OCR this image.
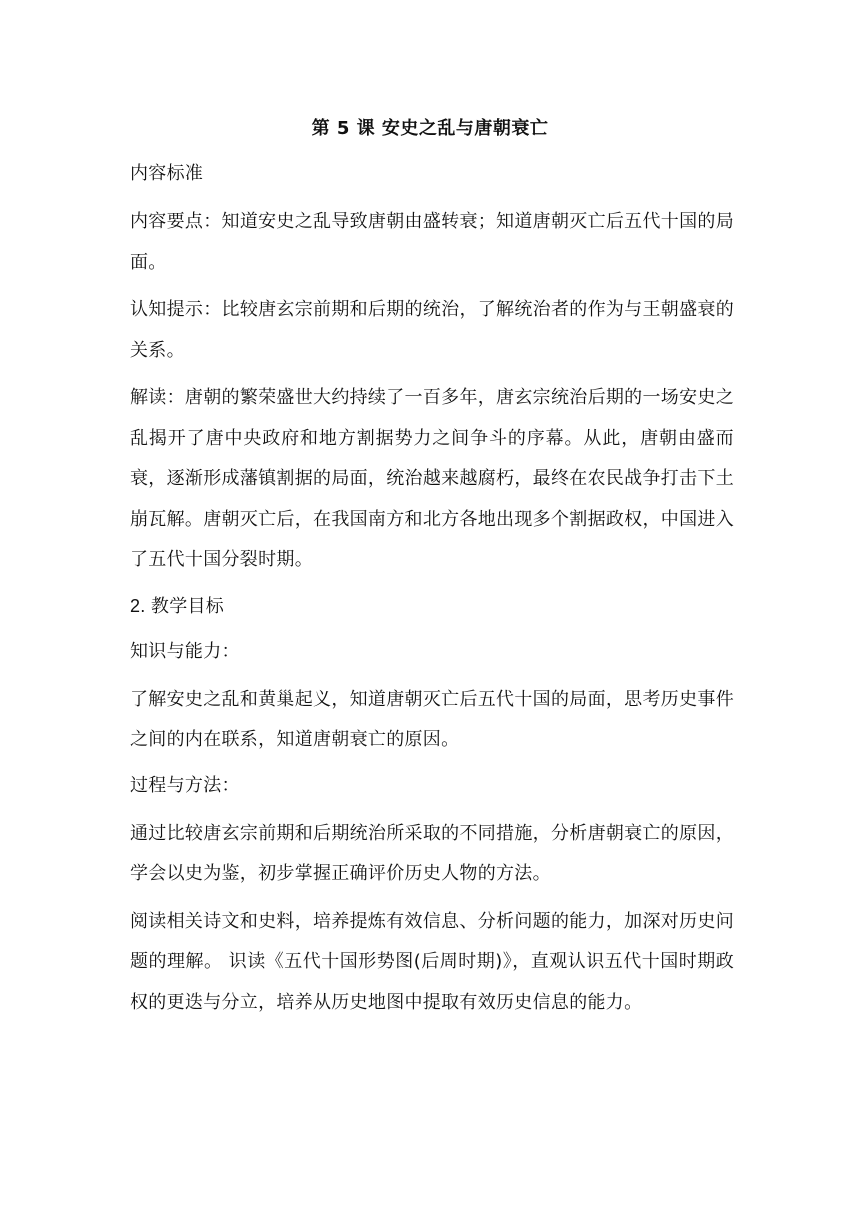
第 5 课 安史之乱与唐朝衰亡

内容标准

内容要点：知道安史之乱导致唐朝由盛转衰；知道唐朝灭亡后五代十国的局面。

认知提示：比较唐玄宗前期和后期的统治，了解统治者的作为与王朝盛衰的关系。

解读：唐朝的繁荣盛世大约持续了一百多年，唐玄宗统治后期的一场安史之乱揭开了唐中央政府和地方割据势力之间争斗的序幕。从此，唐朝由盛而衰，逐渐形成藩镇割据的局面，统治越来越腐朽，最终在农民战争打击下土崩瓦解。唐朝灭亡后，在我国南方和北方各地出现多个割据政权，中国进入了五代十国分裂时期。

2. 教学目标

知识与能力：

了解安史之乱和黄巢起义，知道唐朝灭亡后五代十国的局面，思考历史事件之间的内在联系，知道唐朝衰亡的原因。

过程与方法：

通过比较唐玄宗前期和后期统治所采取的不同措施，分析唐朝衰亡的原因，学会以史为鉴，初步掌握正确评价历史人物的方法。

阅读相关诗文和史料，培养提炼有效信息、分析问题的能力，加深对历史问题的理解。 识读《五代十国形势图(后周时期)》，直观认识五代十国时期政权的更迭与分立，培养从历史地图中提取有效历史信息的能力。
